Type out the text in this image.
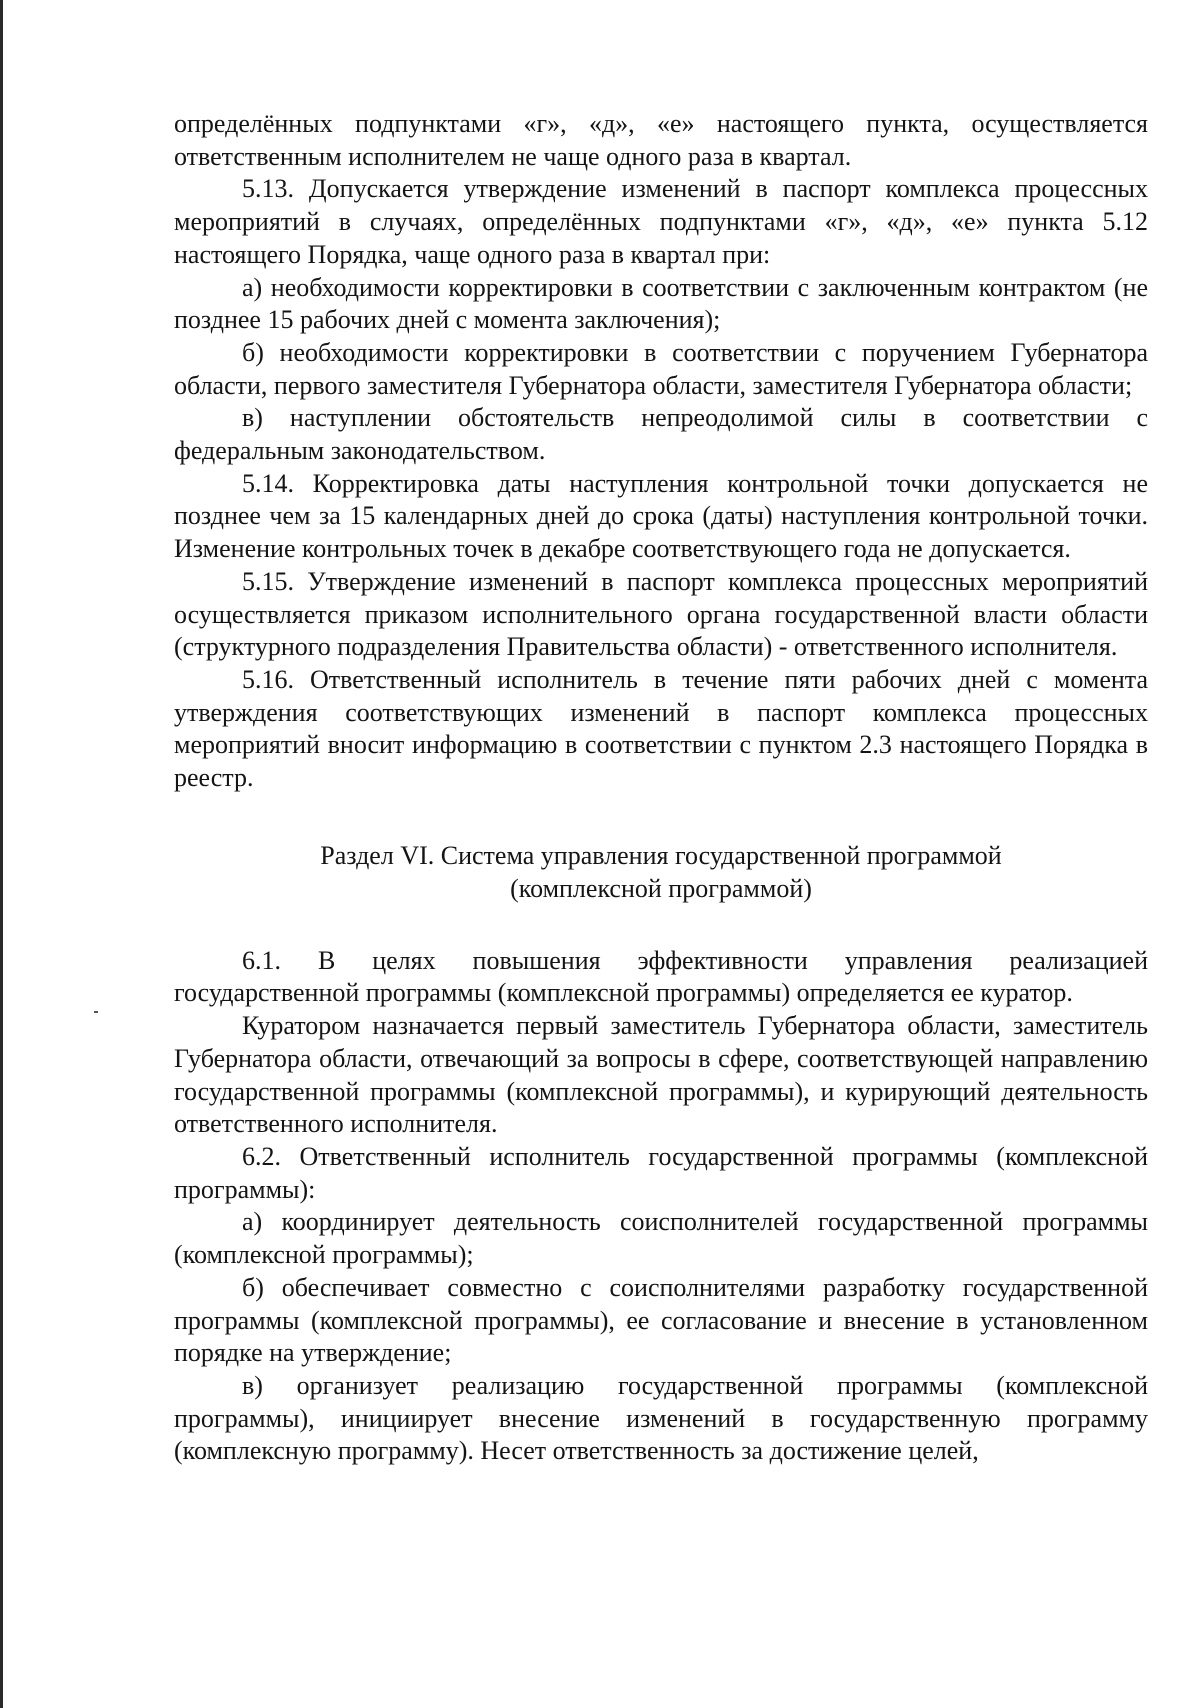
определённых подпунктами «г», «д», «е» настоящего пункта, осуществляется ответственным исполнителем не чаще одного раза в квартал.

5.13. Допускается утверждение изменений в паспорт комплекса процессных мероприятий в случаях, определённых подпунктами «г», «д», «е» пункта 5.12 настоящего Порядка, чаще одного раза в квартал при:

а) необходимости корректировки в соответствии с заключенным контрактом (не позднее 15 рабочих дней с момента заключения);

б) необходимости корректировки в соответствии с поручением Губернатора области, первого заместителя Губернатора области, заместителя Губернатора области;

в) наступлении обстоятельств непреодолимой силы в соответствии с федеральным законодательством.

5.14. Корректировка даты наступления контрольной точки допускается не позднее чем за 15 календарных дней до срока (даты) наступления контрольной точки. Изменение контрольных точек в декабре соответствующего года не допускается.

5.15. Утверждение изменений в паспорт комплекса процессных мероприятий осуществляется приказом исполнительного органа государственной власти области (структурного подразделения Правительства области) - ответственного исполнителя.

5.16. Ответственный исполнитель в течение пяти рабочих дней с момента утверждения соответствующих изменений в паспорт комплекса процессных мероприятий вносит информацию в соответствии с пунктом 2.3 настоящего Порядка в реестр.

Раздел VI. Система управления государственной программой

(комплексной программой)

6.1. В целях повышения эффективности управления реализацией государственной программы (комплексной программы) определяется ее куратор.

Куратором назначается первый заместитель Губернатора области, заместитель Губернатора области, отвечающий за вопросы в сфере, соответствующей направлению государственной программы (комплексной программы), и курирующий деятельность ответственного исполнителя.

6.2. Ответственный исполнитель государственной программы (комплексной программы):

а) координирует деятельность соисполнителей государственной программы (комплексной программы);

б) обеспечивает совместно с соисполнителями разработку государственной программы (комплексной программы), ее согласование и внесение в установленном порядке на утверждение;

в) организует реализацию государственной программы (комплексной программы), инициирует внесение изменений в государственную программу (комплексную программу). Несет ответственность за достижение целей,
